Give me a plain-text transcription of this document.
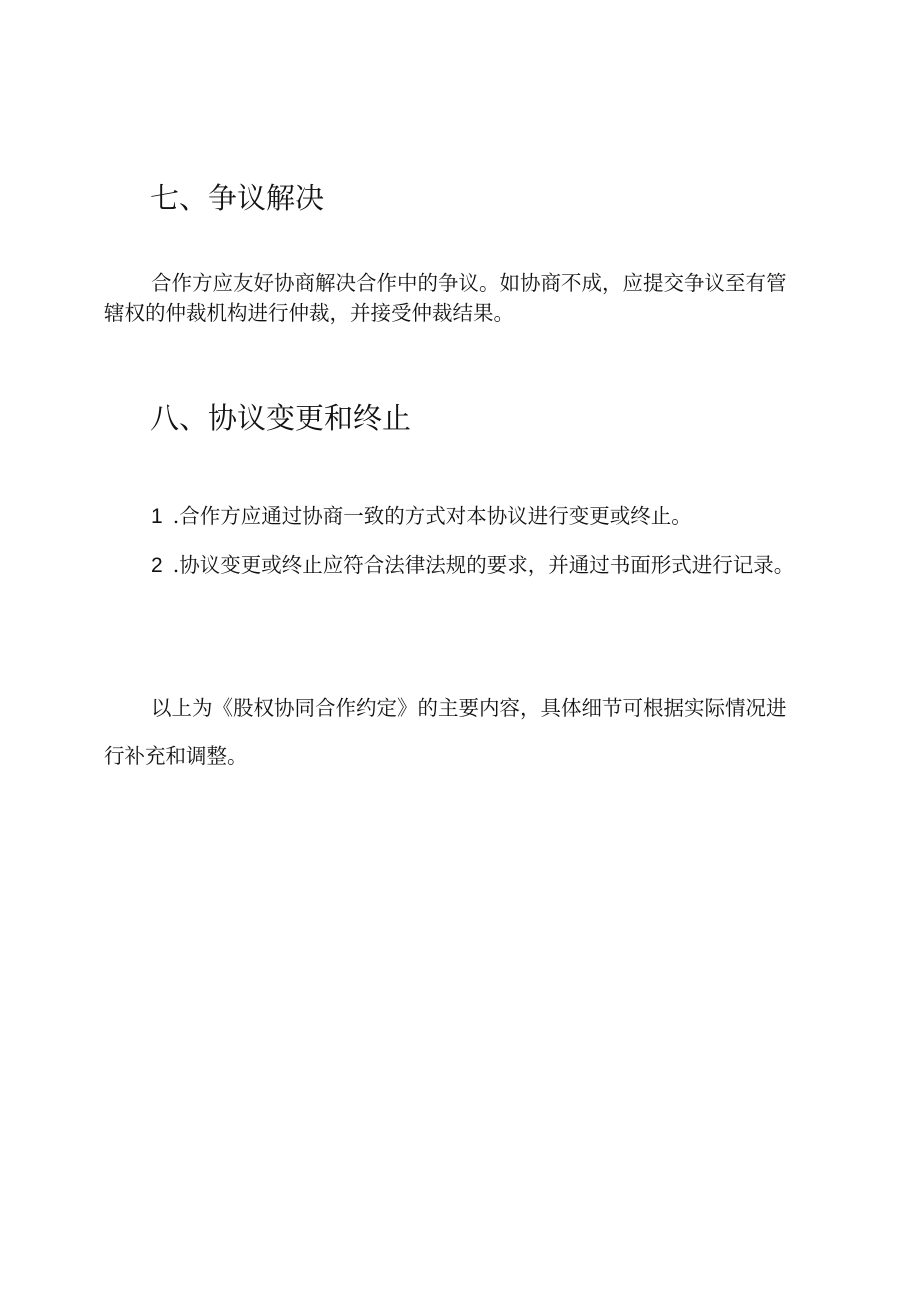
七、争议解决

合作方应友好协商解决合作中的争议。如协商不成，应提交争议至有管辖权的仲裁机构进行仲裁，并接受仲裁结果。

八、协议变更和终止

1 .合作方应通过协商一致的方式对本协议进行变更或终止。

2 .协议变更或终止应符合法律法规的要求，并通过书面形式进行记录。

以上为《股权协同合作约定》的主要内容，具体细节可根据实际情况进行补充和调整。
